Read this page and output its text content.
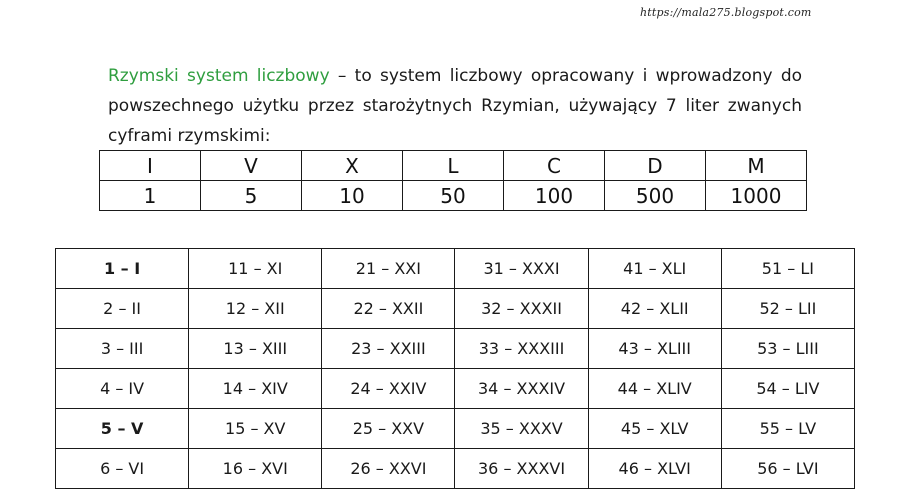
https://mala275.blogspot.com

Rzymski system liczbowy – to system liczbowy opracowany i wprowadzony do powszechnego użytku przez starożytnych Rzymian, używający 7 liter zwanych cyframi rzymskimi:

I	V	X	L	C	D	M
1	5	10	50	100	500	1000
1 – I	11 – XI	21 – XXI	31 – XXXI	41 – XLI	51 – LI
2 – II	12 – XII	22 – XXII	32 – XXXII	42 – XLII	52 – LII
3 – III	13 – XIII	23 – XXIII	33 – XXXIII	43 – XLIII	53 – LIII
4 – IV	14 – XIV	24 – XXIV	34 – XXXIV	44 – XLIV	54 – LIV
5 – V	15 – XV	25 – XXV	35 – XXXV	45 – XLV	55 – LV
6 – VI	16 – XVI	26 – XXVI	36 – XXXVI	46 – XLVI	56 – LVI
